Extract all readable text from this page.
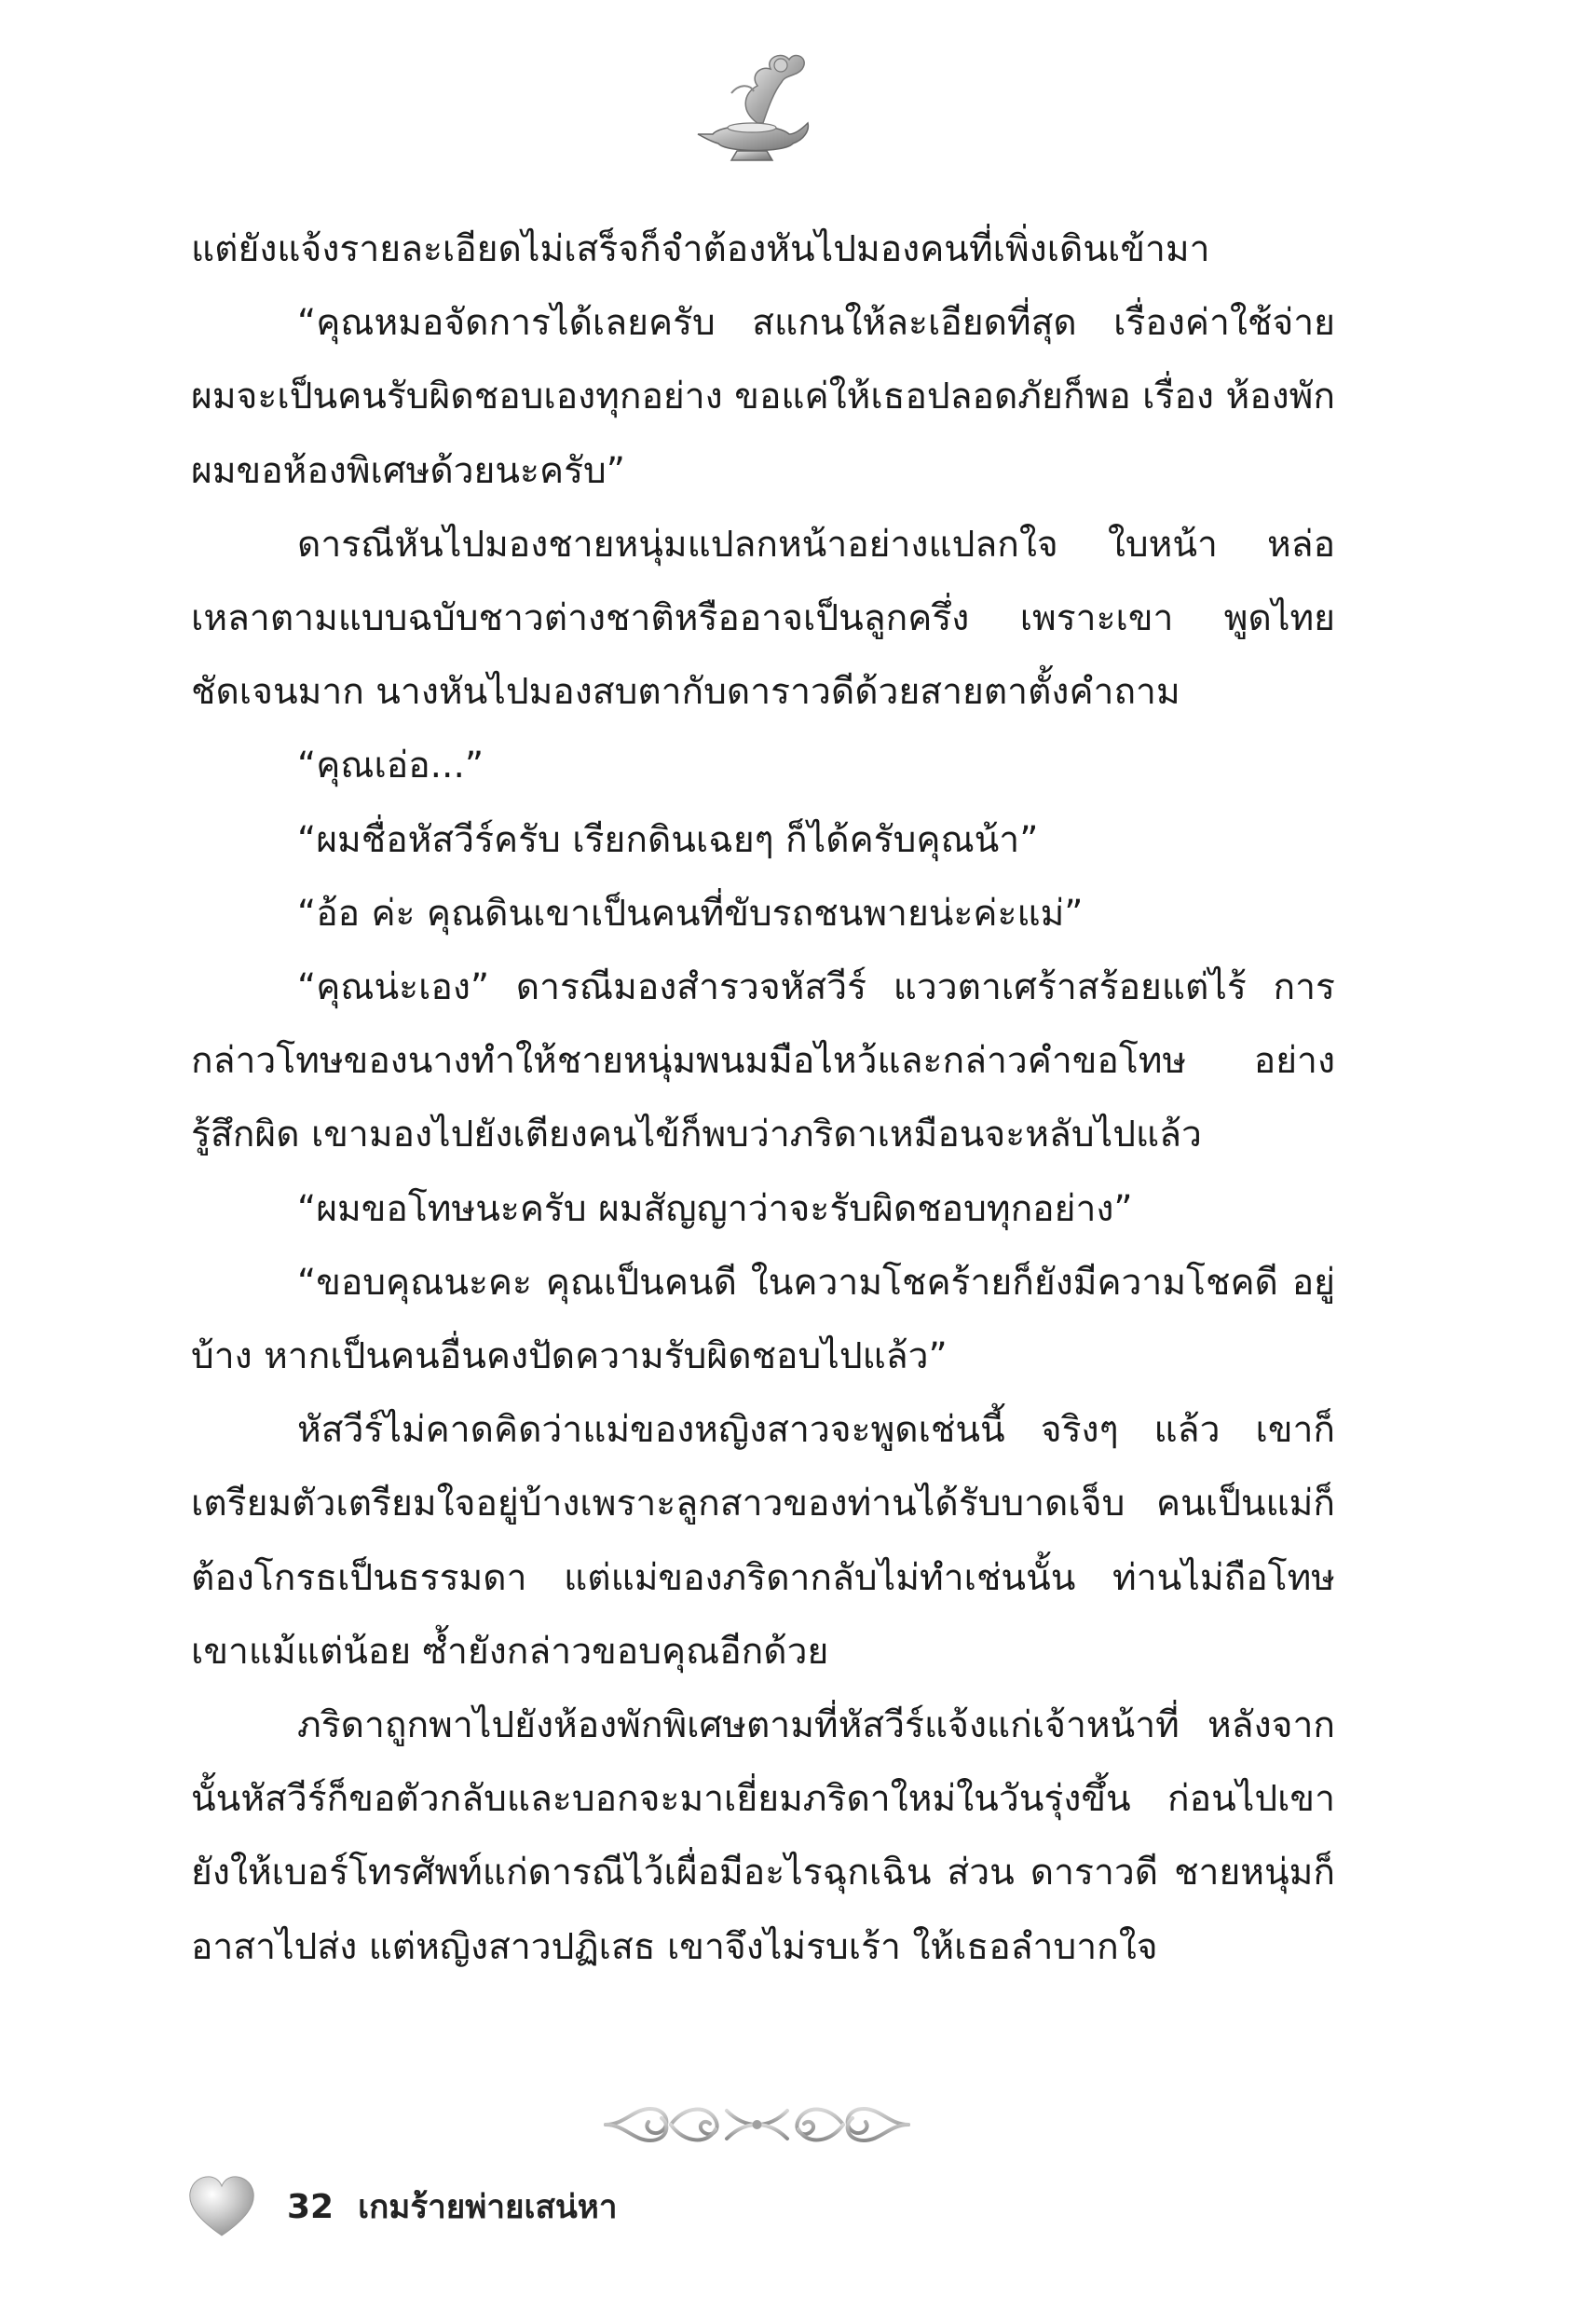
แต่ยังแจ้งรายละเอียดไม่เสร็จก็จำต้องหันไปมองคนที่เพิ่งเดินเข้ามา

“คุณหมอจัดการได้เลยครับ สแกนให้ละเอียดที่สุด เรื่องค่าใช้จ่าย ผมจะเป็นคนรับผิดชอบเองทุกอย่าง ขอแค่ให้เธอปลอดภัยก็พอ เรื่อง ห้องพักผมขอห้องพิเศษด้วยนะครับ”

ดารณีหันไปมองชายหนุ่มแปลกหน้าอย่างแปลกใจ ใบหน้า หล่อเหลาตามแบบฉบับชาวต่างชาติหรืออาจเป็นลูกครึ่ง เพราะเขา พูดไทยชัดเจนมาก นางหันไปมองสบตากับดาราวดีด้วยสายตาตั้งคำถาม

“คุณเอ่อ...”

“ผมชื่อหัสวีร์ครับ เรียกดินเฉยๆ ก็ได้ครับคุณน้า”

“อ้อ ค่ะ คุณดินเขาเป็นคนที่ขับรถชนพายน่ะค่ะแม่”

“คุณน่ะเอง” ดารณีมองสำรวจหัสวีร์ แววตาเศร้าสร้อยแต่ไร้ การกล่าวโทษของนางทำให้ชายหนุ่มพนมมือไหว้และกล่าวคำขอโทษ อย่างรู้สึกผิด เขามองไปยังเตียงคนไข้ก็พบว่าภริดาเหมือนจะหลับไปแล้ว

“ผมขอโทษนะครับ ผมสัญญาว่าจะรับผิดชอบทุกอย่าง”

“ขอบคุณนะคะ คุณเป็นคนดี ในความโชคร้ายก็ยังมีความโชคดี อยู่บ้าง หากเป็นคนอื่นคงปัดความรับผิดชอบไปแล้ว”

หัสวีร์ไม่คาดคิดว่าแม่ของหญิงสาวจะพูดเช่นนี้ จริงๆ แล้ว เขาก็เตรียมตัวเตรียมใจอยู่บ้างเพราะลูกสาวของท่านได้รับบาดเจ็บ คนเป็นแม่ก็ต้องโกรธเป็นธรรมดา แต่แม่ของภริดากลับไม่ทำเช่นนั้น ท่านไม่ถือโทษเขาแม้แต่น้อย ซ้ำยังกล่าวขอบคุณอีกด้วย

ภริดาถูกพาไปยังห้องพักพิเศษตามที่หัสวีร์แจ้งแก่เจ้าหน้าที่ หลังจากนั้นหัสวีร์ก็ขอตัวกลับและบอกจะมาเยี่ยมภริดาใหม่ในวันรุ่งขึ้น ก่อนไปเขายังให้เบอร์โทรศัพท์แก่ดารณีไว้เผื่อมีอะไรฉุกเฉิน ส่วน ดาราวดี ชายหนุ่มก็อาสาไปส่ง แต่หญิงสาวปฏิเสธ เขาจึงไม่รบเร้า ให้เธอลำบากใจ

32 เกมร้ายพ่ายเสน่หา
